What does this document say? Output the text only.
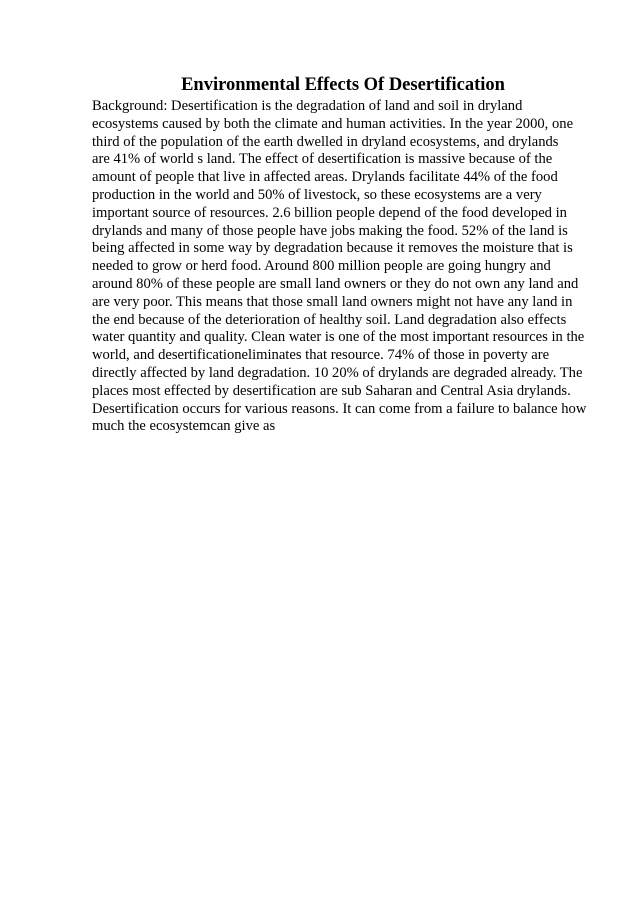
Environmental Effects Of Desertification

Background: Desertification is the degradation of land and soil in dryland
ecosystems caused by both the climate and human activities. In the year 2000, one
third of the population of the earth dwelled in dryland ecosystems, and drylands
are 41% of world s land. The effect of desertification is massive because of the
amount of people that live in affected areas. Drylands facilitate 44% of the food
production in the world and 50% of livestock, so these ecosystems are a very
important source of resources. 2.6 billion people depend of the food developed in
drylands and many of those people have jobs making the food. 52% of the land is
being affected in some way by degradation because it removes the moisture that is
needed to grow or herd food. Around 800 million people are going hungry and
around 80% of these people are small land owners or they do not own any land and
are very poor. This means that those small land owners might not have any land in
the end because of the deterioration of healthy soil. Land degradation also effects
water quantity and quality. Clean water is one of the most important resources in the
world, and desertificationeliminates that resource. 74% of those in poverty are
directly affected by land degradation. 10 20% of drylands are degraded already. The
places most effected by desertification are sub Saharan and Central Asia drylands.
Desertification occurs for various reasons. It can come from a failure to balance how
much the ecosystemcan give as
